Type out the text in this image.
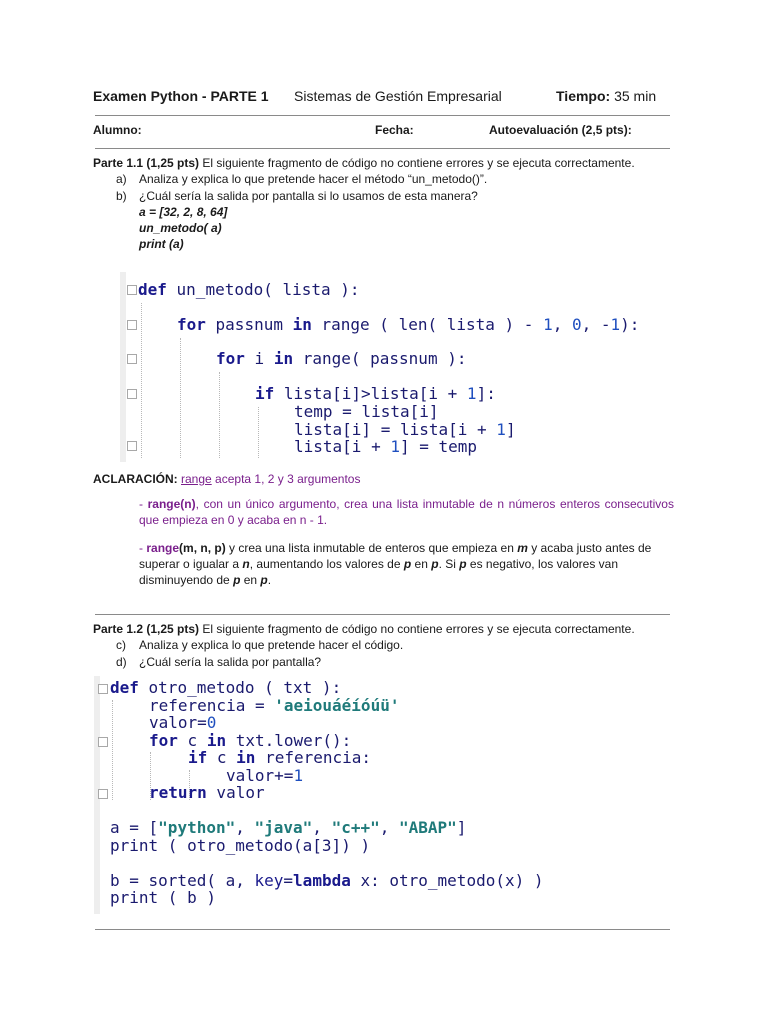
Examen Python - PARTE 1 Sistemas de Gestión Empresarial	Tiempo: 35 min
Alumno:	Fecha:	Autoevaluación (2,5 pts):
Parte 1.1 (1,25 pts) El siguiente fragmento de código no contiene errores y se ejecuta correctamente.
a) Analiza y explica lo que pretende hacer el método “un_metodo()”.
b) ¿Cuál sería la salida por pantalla si lo usamos de esta manera?
a = [32, 2, 8, 64]
un_metodo( a)
print (a)
def un_metodo( lista ):
for passnum in range ( len( lista ) - 1, 0, -1):
for i in range( passnum ):
if lista[i]>lista[i + 1]:
temp = lista[i]
lista[i] = lista[i + 1]
lista[i + 1] = temp
ACLARACIÓN: range acepta 1, 2 y 3 argumentos
- range(n), con un único argumento, crea una lista inmutable de n números enteros consecutivos que empieza en 0 y acaba en n - 1.
- range(m, n, p) y crea una lista inmutable de enteros que empieza en m y acaba justo antes de superar o igualar a n, aumentando los valores de p en p. Si p es negativo, los valores van disminuyendo de p en p.
Parte 1.2 (1,25 pts) El siguiente fragmento de código no contiene errores y se ejecuta correctamente.
c) Analiza y explica lo que pretende hacer el código.
d) ¿Cuál sería la salida por pantalla?
def otro_metodo ( txt ):
referencia = 'aeiouáéíóúü'
valor=0
for c in txt.lower():
if c in referencia:
valor+=1
return valor
a = ["python", "java", "c++", "ABAP"]
print ( otro_metodo(a[3]) )
b = sorted( a, key=lambda x: otro_metodo(x) )
print ( b )
